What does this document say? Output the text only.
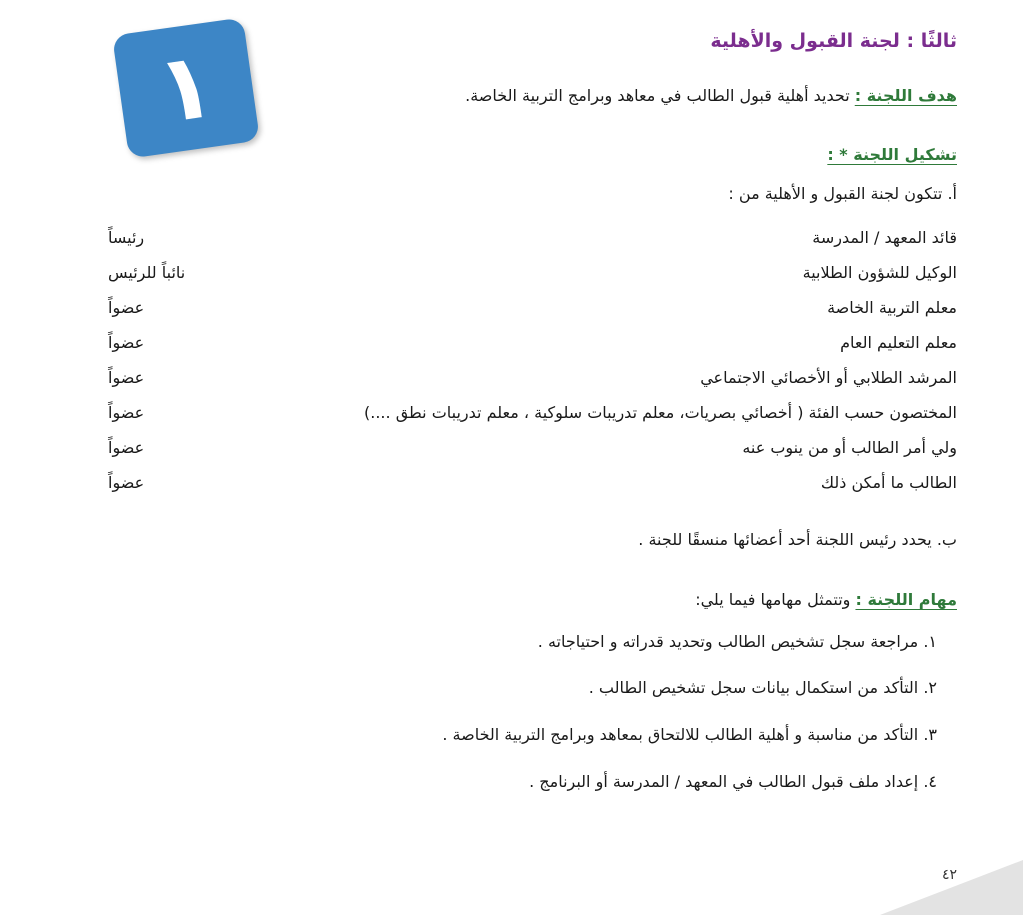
١	ثالثًا : لجنة القبول والأهلية
هدف اللجنة : تحديد أهلية قبول الطالب في معاهد وبرامج التربية الخاصة.
تشكيل اللجنة * :
أ. تتكون لجنة القبول و الأهلية من :
قائد المعهد / المدرسة
رئيساً
الوكيل للشؤون الطلابية
نائباً للرئيس
معلم التربية الخاصة
عضواً
معلم التعليم العام
عضواً
المرشد الطلابي أو الأخصائي الاجتماعي
عضواً
المختصون حسب الفئة ( أخصائي بصريات، معلم تدريبات سلوكية ، معلم تدريبات نطق ....)
عضواً
ولي أمر الطالب أو من ينوب عنه
عضواً
الطالب ما أمكن ذلك
عضواً
ب. يحدد رئيس اللجنة أحد أعضائها منسقًا للجنة .
مهام اللجنة : وتتمثل مهامها فيما يلي:
١. مراجعة سجل تشخيص الطالب وتحديد قدراته و احتياجاته .
٢. التأكد من استكمال بيانات سجل تشخيص الطالب .
٣. التأكد من مناسبة و أهلية الطالب للالتحاق بمعاهد وبرامج التربية الخاصة .
٤. إعداد ملف قبول الطالب في المعهد / المدرسة أو البرنامج .
٤٢
